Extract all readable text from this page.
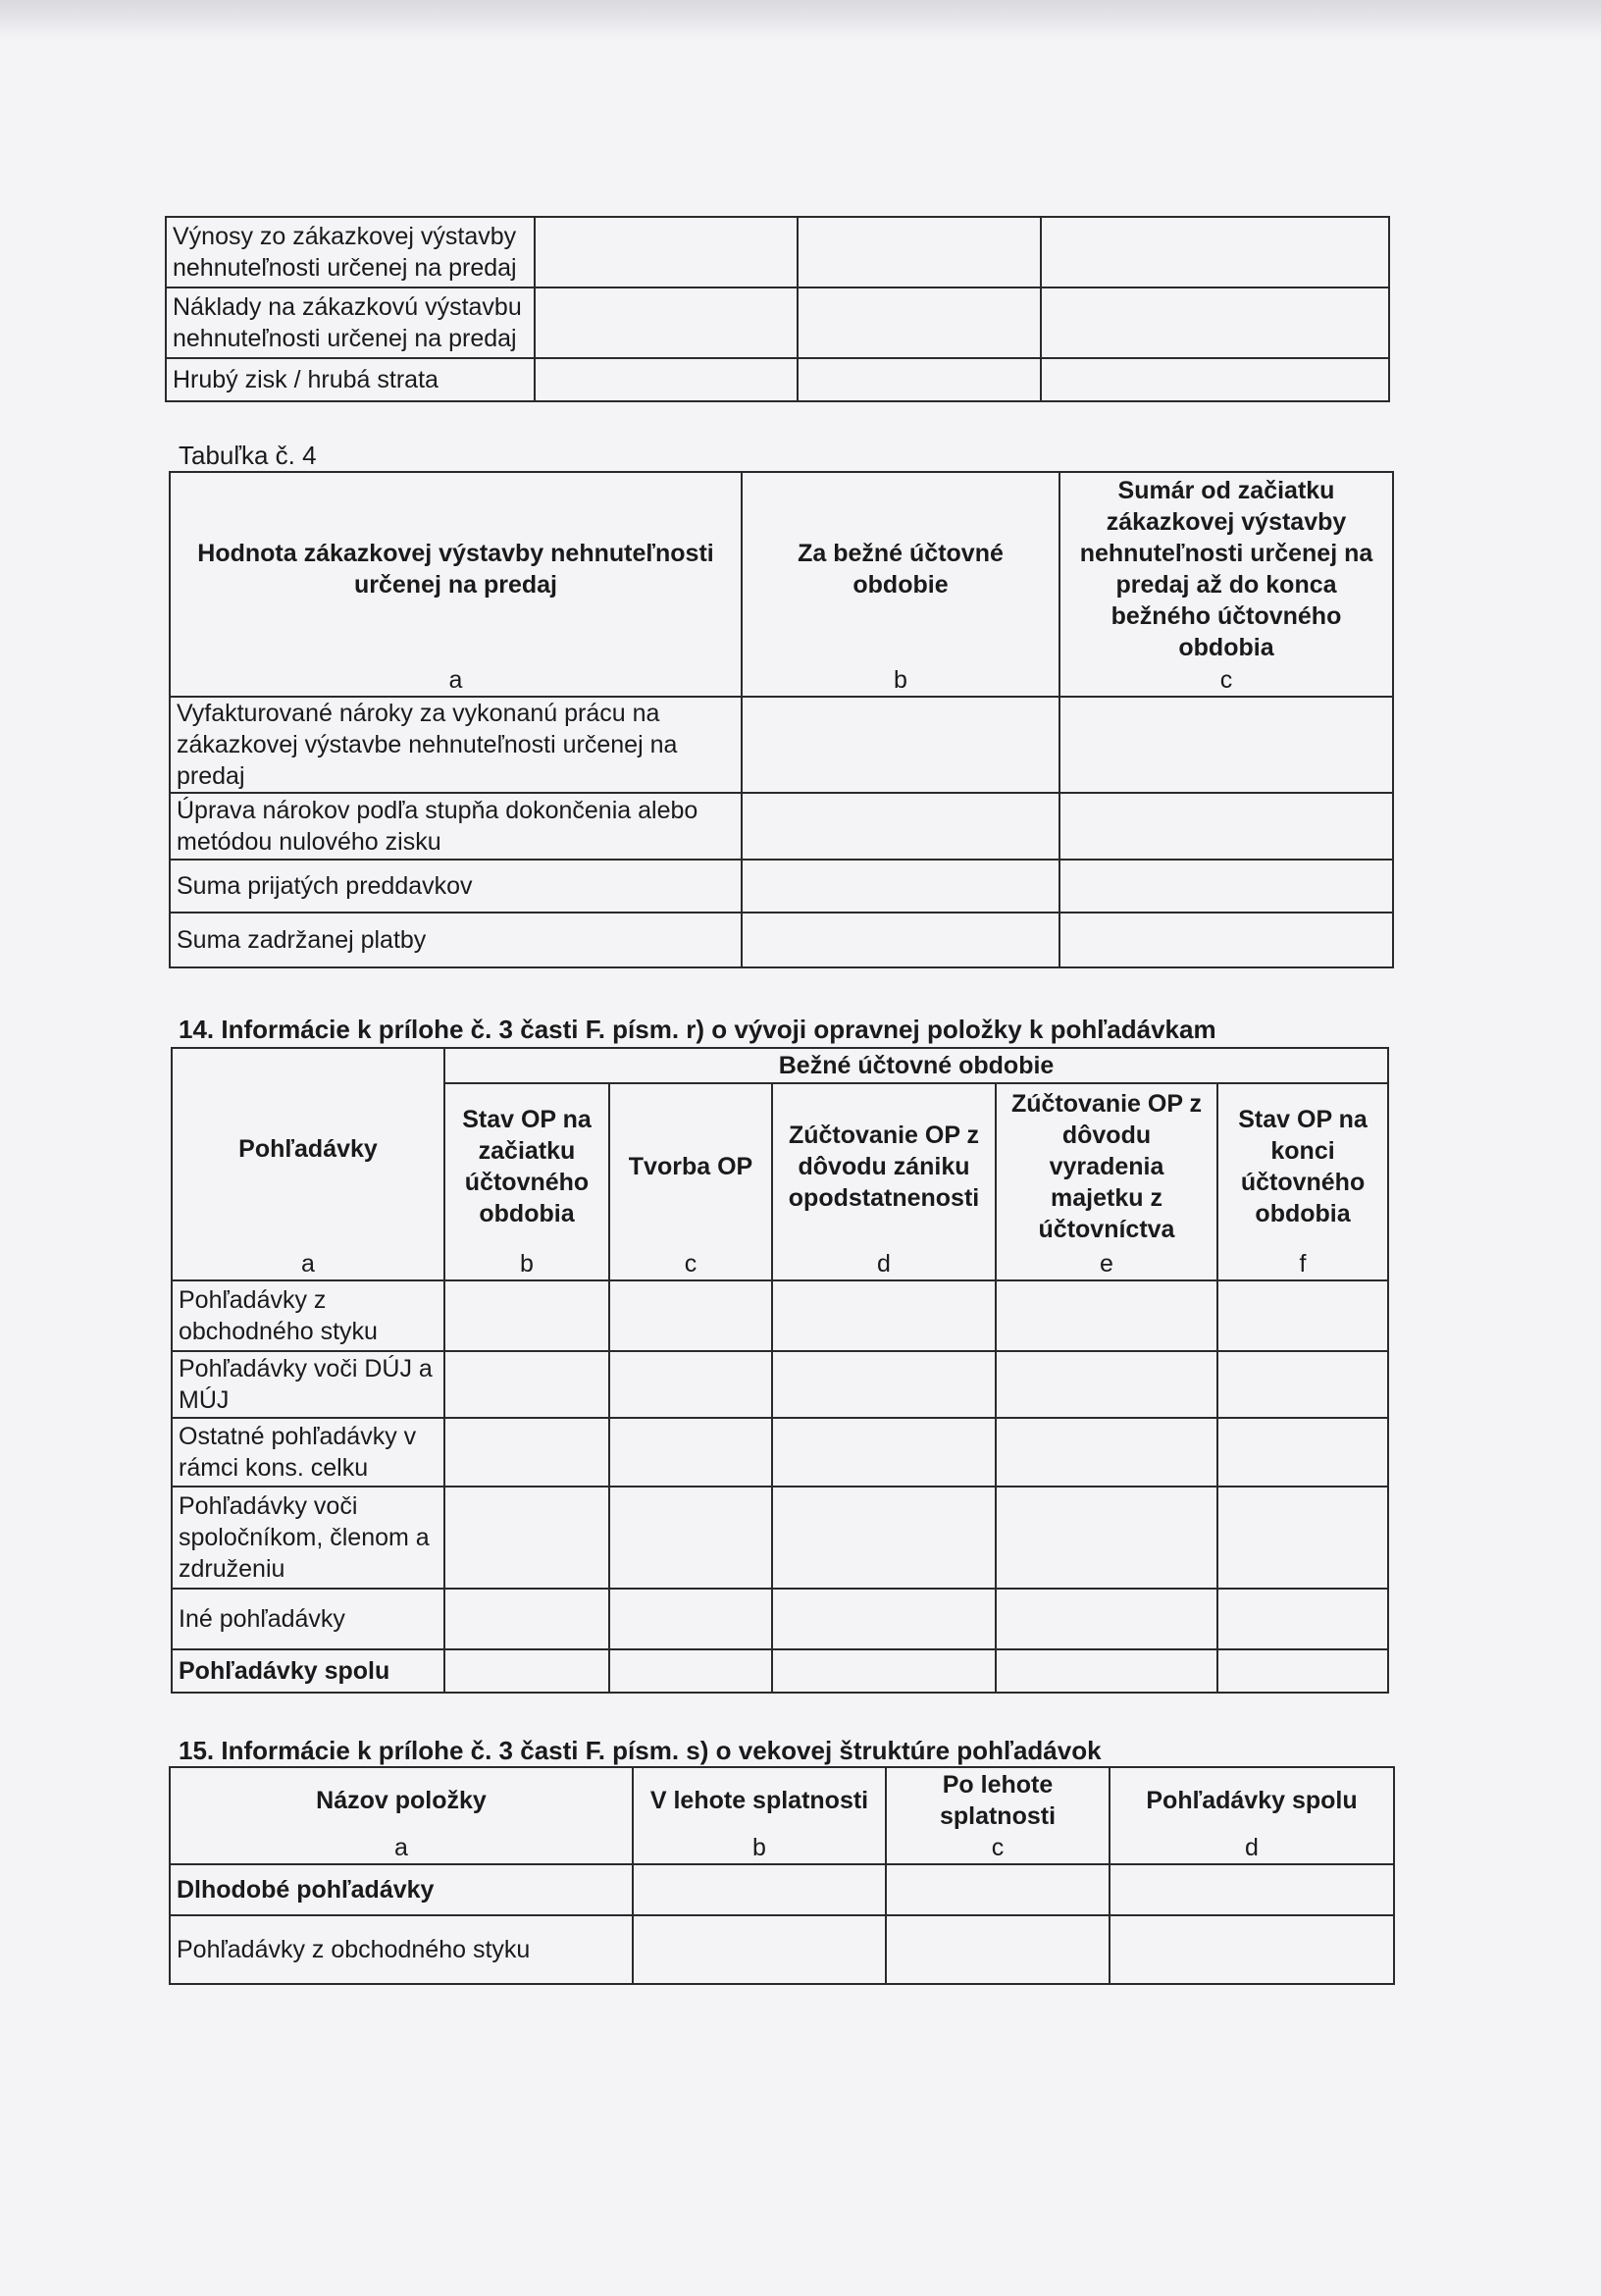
Výnosy zo zákazkovej výstavby nehnuteľnosti určenej na predaj			
Náklady na zákazkovú výstavbu nehnuteľnosti určenej na predaj			
Hrubý zisk / hrubá strata			
Tabuľka č. 4
Hodnota zákazkovej výstavby nehnuteľnosti určenej na predaj	Za bežné účtovné obdobie	Sumár od začiatku zákazkovej výstavby nehnuteľnosti určenej na predaj až do konca bežného účtovného obdobia
a	b	c
Vyfakturované nároky za vykonanú prácu na zákazkovej výstavbe nehnuteľnosti určenej na predaj		
Úprava nárokov podľa stupňa dokončenia alebo metódou nulového zisku		
Suma prijatých preddavkov		
Suma zadržanej platby		
14. Informácie k prílohe č. 3 časti F. písm. r) o vývoji opravnej položky k pohľadávkam
Pohľadávky	Bežné účtovné obdobie				
	Stav OP na začiatku účtovného obdobia	Tvorba OP	Zúčtovanie OP z dôvodu zániku opodstatnenosti	Zúčtovanie OP z dôvodu vyradenia majetku z účtovníctva	Stav OP na konci účtovného obdobia
a	b	c	d	e	f
Pohľadávky z obchodného styku					
Pohľadávky voči DÚJ a MÚJ					
Ostatné pohľadávky v rámci kons. celku					
Pohľadávky voči spoločníkom, členom a združeniu					
Iné pohľadávky					
Pohľadávky spolu					
15. Informácie k prílohe č. 3 časti F. písm. s) o vekovej štruktúre pohľadávok
Názov položky	V lehote splatnosti	Po lehote splatnosti	Pohľadávky spolu
a	b	c	d
Dlhodobé pohľadávky			
Pohľadávky z obchodného styku			
